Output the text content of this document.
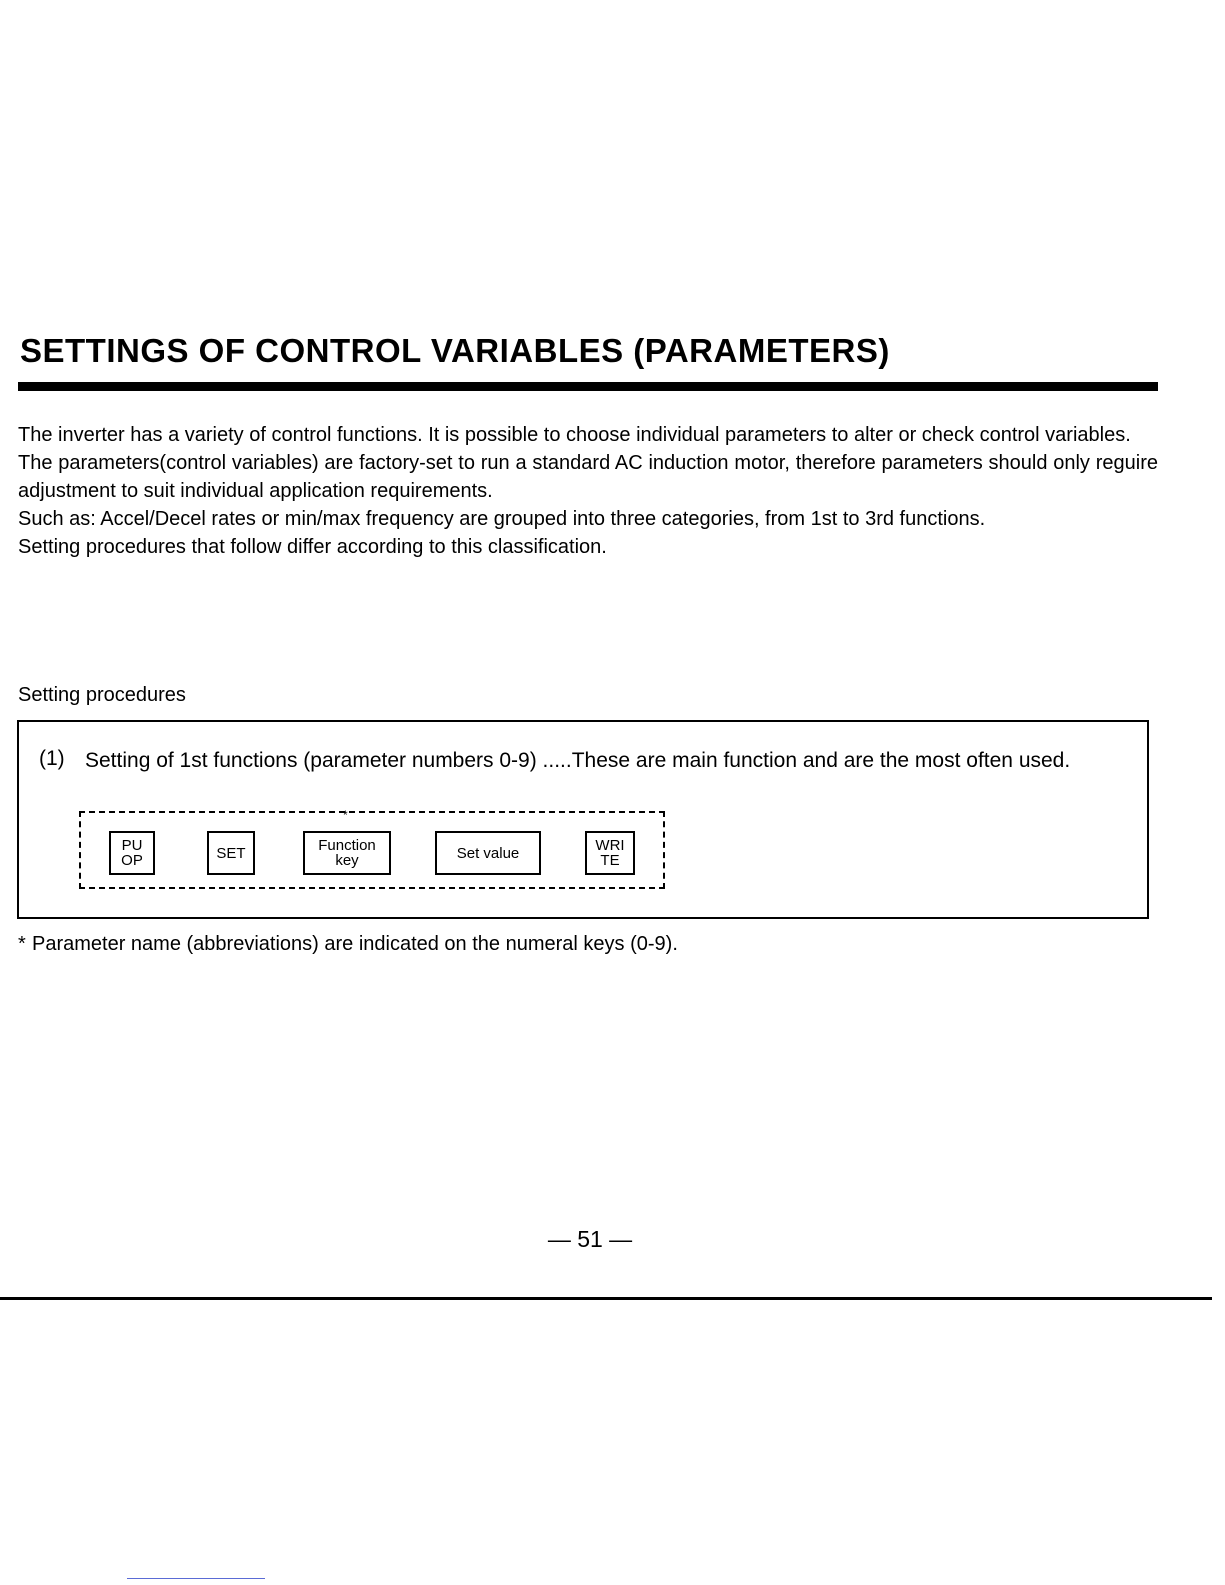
SETTINGS OF CONTROL VARIABLES (PARAMETERS)

The inverter has a variety of control functions. It is possible to choose individual parameters to alter or check control variables.

The parameters(control variables) are factory-set to run a standard AC induction motor, therefore parameters should only reguire adjustment to suit individual application requirements.

Such as: Accel/Decel rates or min/max frequency are grouped into three categories, from 1st to 3rd functions.

Setting procedures that follow differ according to this classification.

Setting procedures

(1) Setting of 1st functions (parameter numbers 0-9) .....These are main function and are the most often used.
*
PU
OP	SET	Function
key	Set value	WRI
TE

* Parameter name (abbreviations) are indicated on the numeral keys (0-9).

— 51 —
